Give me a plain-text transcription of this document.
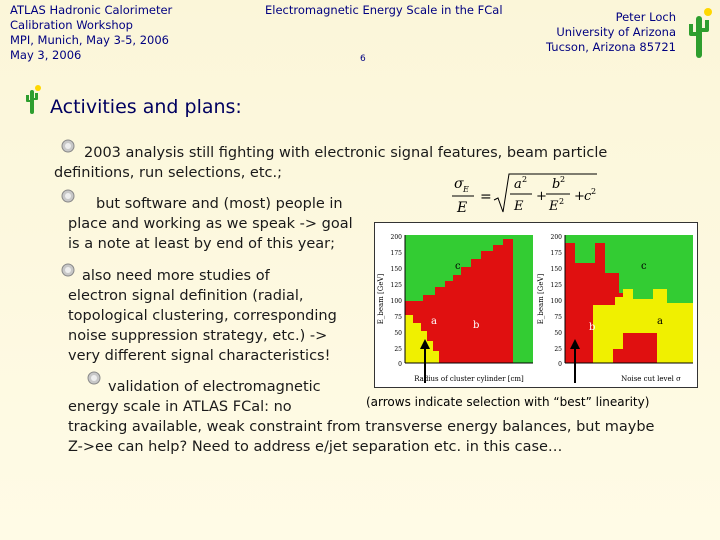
ATLAS Hadronic Calorimeter
Calibration Workshop
MPI, Munich, May 3-5, 2006
May 3, 2006
Electromagnetic Energy Scale in the FCal
6
Peter Loch
University of Arizona
Tucson, Arizona 85721
Activities and plans:
2003 analysis still fighting with electronic signal features, beam particle
definitions, run selections, etc.;
σ E
E
=
a 2
E
+
b 2
E 2 + c 2
but software and (most) people in
place and working as we speak -> goal
is a note at least by end of this year;
also need more studies of
electron signal definition (radial,
topological clustering, corresponding
noise suppression strategy, etc.) ->
very different signal characteristics!
200
175
150
125
100
75
50
25
0
E_beam [GeV]
Radius of cluster cylinder [cm]
a	b
c
200
175
150
125
100
75
50
25
0
E_beam [GeV]
Noise cut level σ
a
b
c
(arrows indicate selection with “best” linearity)
validation of electromagnetic
energy scale in ATLAS FCal: no
tracking available, weak constraint from transverse energy balances, but maybe
Z->ee can help? Need to address e/jet separation etc. in this case…
